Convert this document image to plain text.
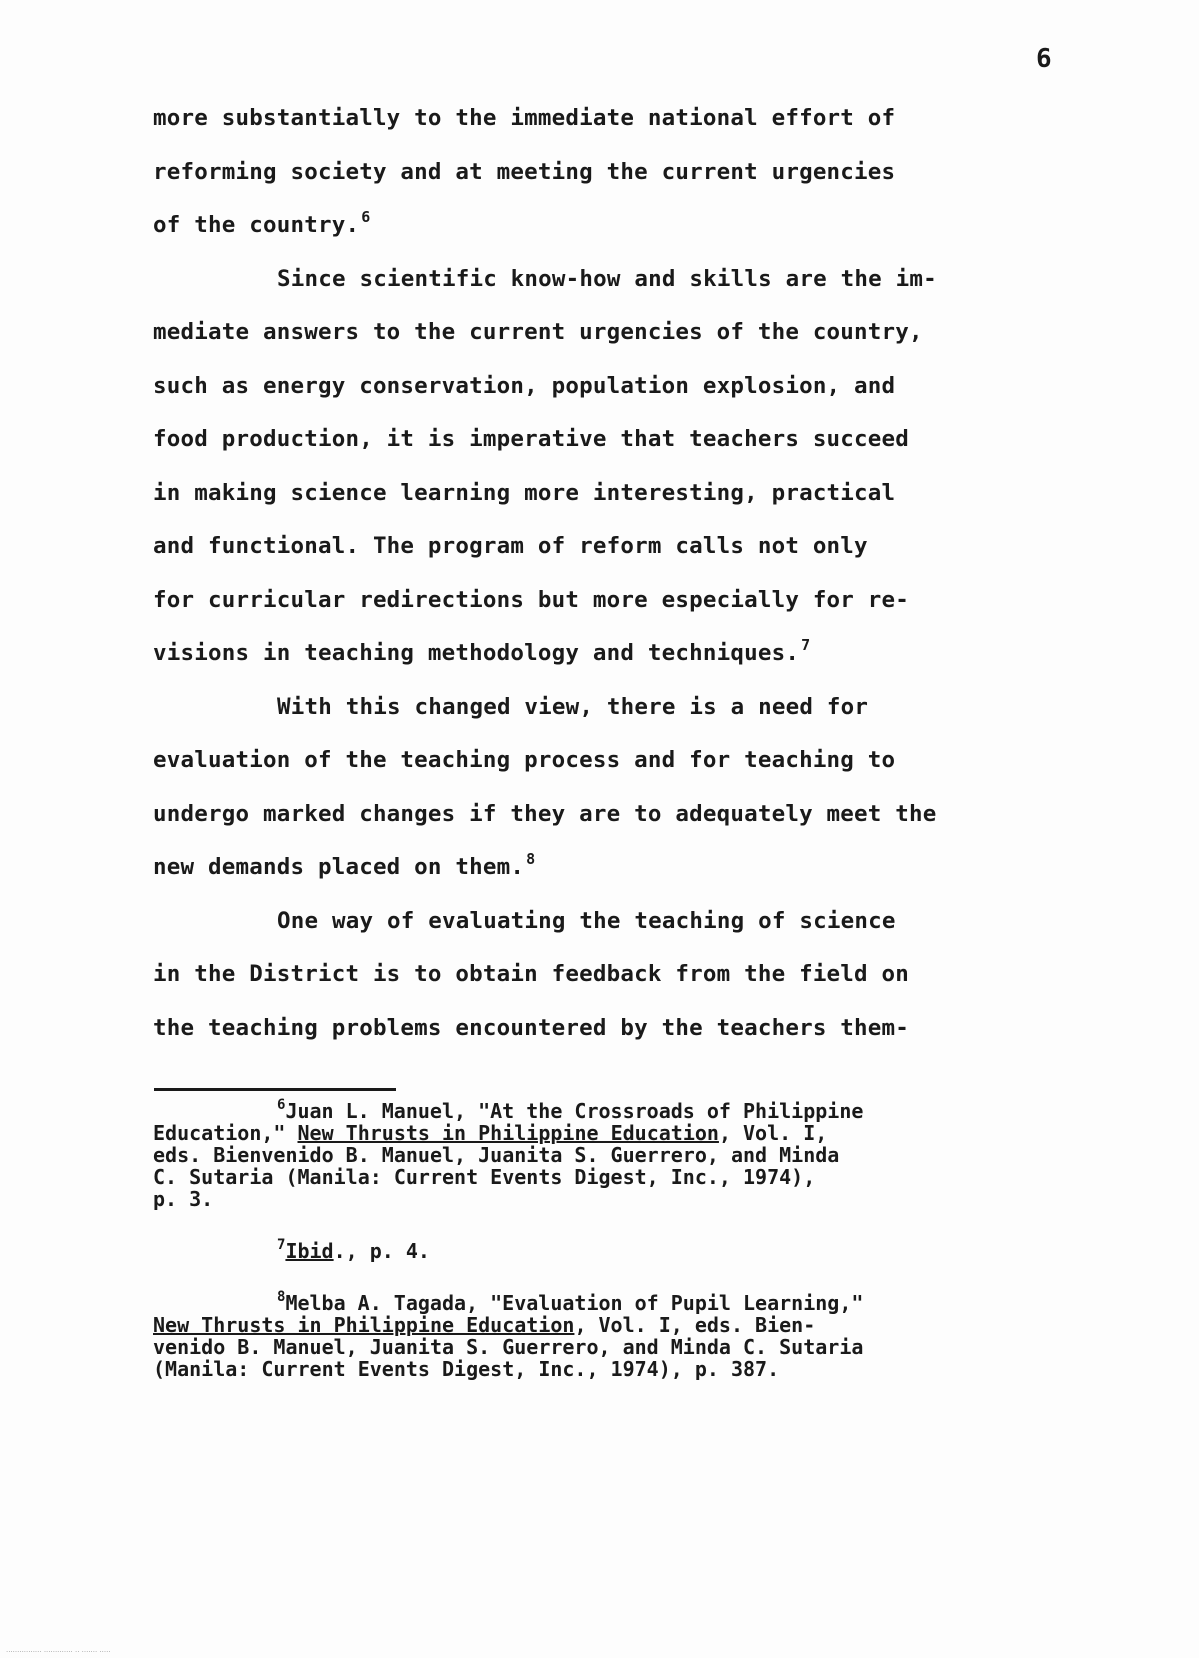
6
more substantially to the immediate national effort of
reforming society and at meeting the current urgencies
of the country. $^6$
Since scientific know-how and skills are the im-
mediate answers to the current urgencies of the country,
such as energy conservation, population explosion, and
food production, it is imperative that teachers succeed
in making science learning more interesting, practical
and functional. The program of reform calls not only
for curricular redirections but more especially for re-
visions in teaching methodology and techniques. $^7$
With this changed view, there is a need for
evaluation of the teaching process and for teaching to
undergo marked changes if they are to adequately meet the
new demands placed on them. $^8$
One way of evaluating the teaching of science
in the District is to obtain feedback from the field on
the teaching problems encountered by the teachers them-
$^6$Juan L. Manuel, "At the Crossroads of Philippine
Education," New Thrusts in Philippine Education, Vol. I,
eds. Bienvenido B. Manuel, Juanita S. Guerrero, and Minda
C. Sutaria (Manila: Current Events Digest, Inc., 1974),
p. 3.
$^7$Ibid., p. 4.
$^8$Melba A. Tagada, "Evaluation of Pupil Learning,"
New Thrusts in Philippine Education, Vol. I, eds. Bien-
venido B. Manuel, Juanita S. Guerrero, and Minda C. Sutaria
(Manila: Current Events Digest, Inc., 1974), p. 387.
................ ............. .. ....... .....
